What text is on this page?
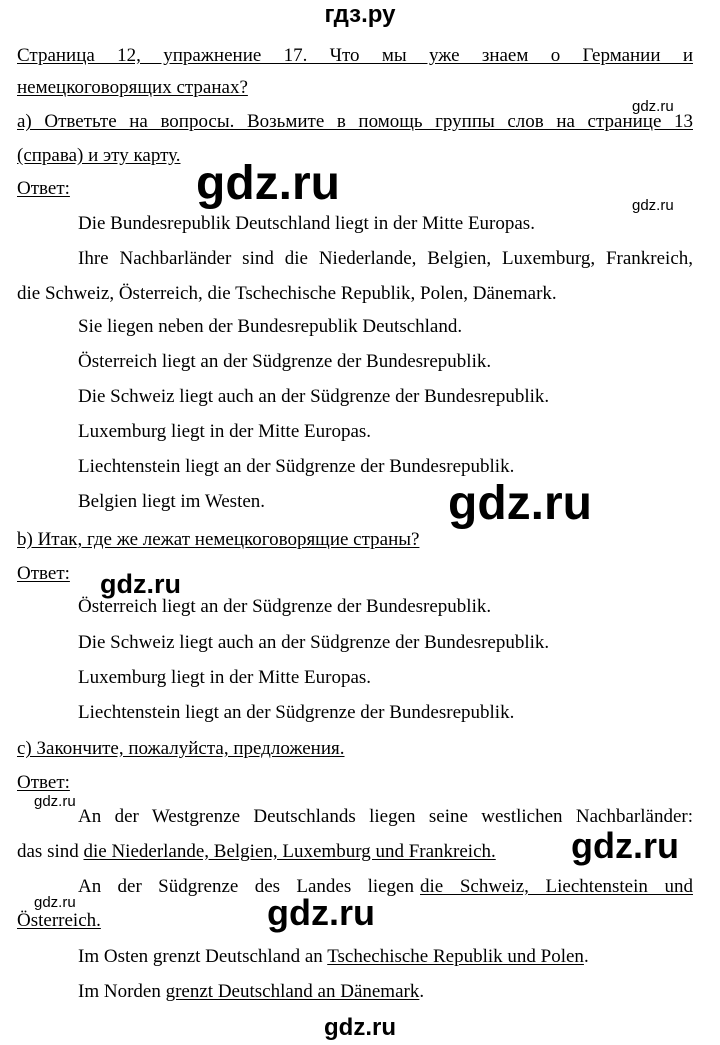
гдз.ру
Страница 12, упражнение 17. Что мы уже знаем о Германии и
немецкоговорящих странах?
а) Ответьте на вопросы. Возьмите в помощь группы слов на странице 13
(справа) и эту карту.
Ответ:
Die Bundesrepublik Deutschland liegt in der Mitte Europas.
Ihre Nachbarländer sind die Niederlande, Belgien, Luxemburg, Frankreich,
die Schweiz, Österreich, die Tschechische Republik, Polen, Dänemark.
Sie liegen neben der Bundesrepublik Deutschland.
Österreich liegt an der Südgrenze der Bundesrepublik.
Die Schweiz liegt auch an der Südgrenze der Bundesrepublik.
Luxemburg liegt in der Mitte Europas.
Liechtenstein liegt an der Südgrenze der Bundesrepublik.
Belgien liegt im Westen.
b) Итак, где же лежат немецкоговорящие страны?
Ответ:
Österreich liegt an der Südgrenze der Bundesrepublik.
Die Schweiz liegt auch an der Südgrenze der Bundesrepublik.
Luxemburg liegt in der Mitte Europas.
Liechtenstein liegt an der Südgrenze der Bundesrepublik.
с) Закончите, пожалуйста, предложения.
Ответ:
An der Westgrenze Deutschlands liegen seine westlichen Nachbarländer:
das sind die Niederlande, Belgien, Luxemburg und Frankreich.
An der Südgrenze des Landes liegen die Schweiz, Liechtenstein und
Österreich.
Im Osten grenzt Deutschland an Tschechische Republik und Polen.
Im Norden grenzt Deutschland an Dänemark.
gdz.ru
gdz.ru
gdz.ru
gdz.ru
gdz.ru
gdz.ru
gdz.ru
gdz.ru
gdz.ru
gdz.ru
